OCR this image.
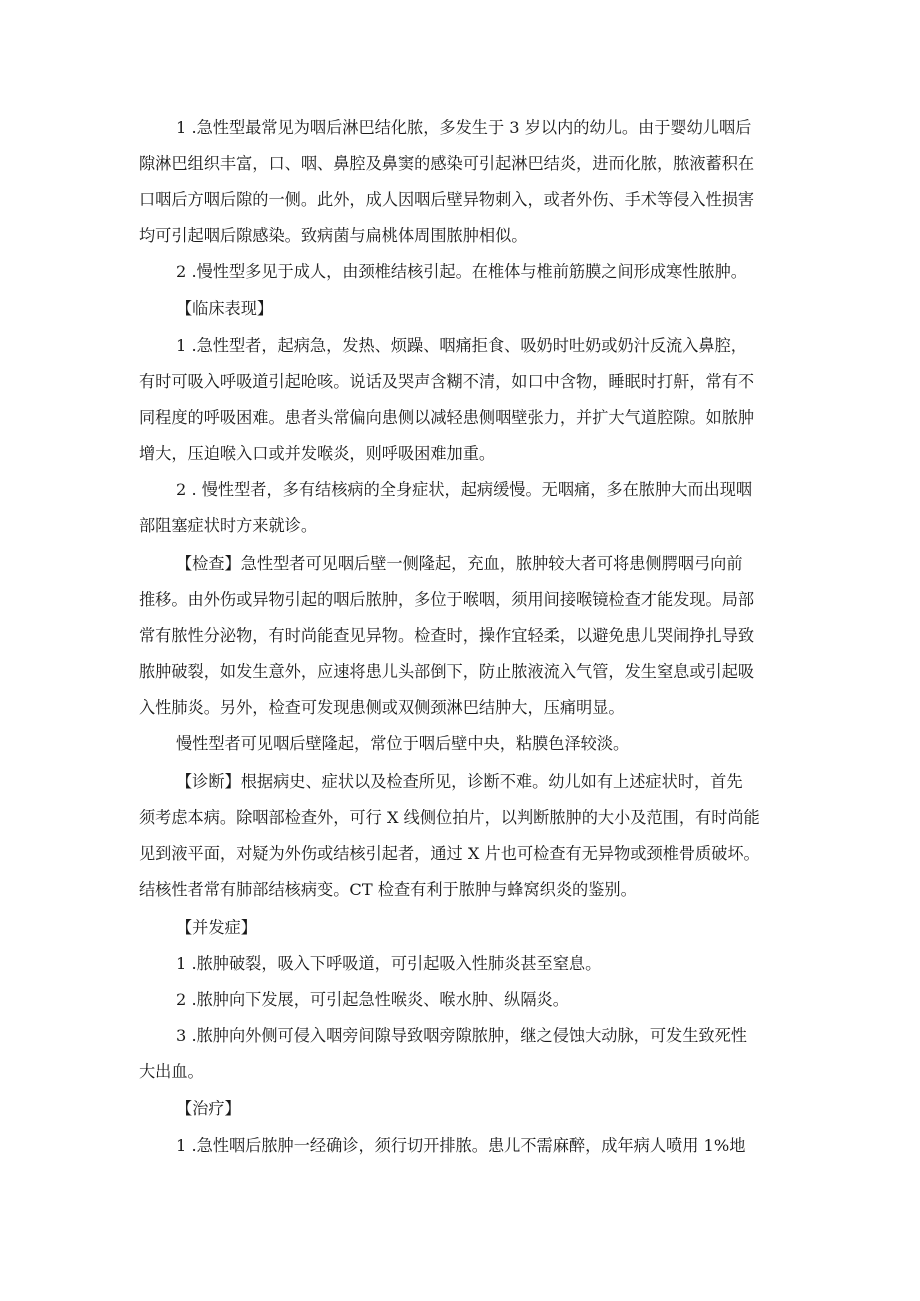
1 .急性型最常见为咽后淋巴结化脓，多发生于 3 岁以内的幼儿。由于婴幼儿咽后
隙淋巴组织丰富，口、咽、鼻腔及鼻窦的感染可引起淋巴结炎，进而化脓，脓液蓄积在
口咽后方咽后隙的一侧。此外，成人因咽后壁异物刺入，或者外伤、手术等侵入性损害
均可引起咽后隙感染。致病菌与扁桃体周围脓肿相似。
2 .慢性型多见于成人，由颈椎结核引起。在椎体与椎前筋膜之间形成寒性脓肿。
【临床表现】
1 .急性型者，起病急，发热、烦躁、咽痛拒食、吸奶时吐奶或奶汁反流入鼻腔，
有时可吸入呼吸道引起呛咳。说话及哭声含糊不清，如口中含物，睡眠时打鼾，常有不
同程度的呼吸困难。患者头常偏向患侧以减轻患侧咽壁张力，并扩大气道腔隙。如脓肿
增大，压迫喉入口或并发喉炎，则呼吸困难加重。
2 . 慢性型者，多有结核病的全身症状，起病缓慢。无咽痛，多在脓肿大而出现咽
部阻塞症状时方来就诊。
【检查】急性型者可见咽后壁一侧隆起，充血，脓肿较大者可将患侧腭咽弓向前
推移。由外伤或异物引起的咽后脓肿，多位于喉咽，须用间接喉镜检查才能发现。局部
常有脓性分泌物，有时尚能查见异物。检查时，操作宜轻柔，以避免患儿哭闹挣扎导致
脓肿破裂，如发生意外，应速将患儿头部倒下，防止脓液流入气管，发生窒息或引起吸
入性肺炎。另外，检查可发现患侧或双侧颈淋巴结肿大，压痛明显。
慢性型者可见咽后壁隆起，常位于咽后壁中央，粘膜色泽较淡。
【诊断】根据病史、症状以及检查所见，诊断不难。幼儿如有上述症状时，首先
须考虑本病。除咽部检查外，可行 X 线侧位拍片，以判断脓肿的大小及范围，有时尚能
见到液平面，对疑为外伤或结核引起者，通过 X 片也可检查有无异物或颈椎骨质破坏。
结核性者常有肺部结核病变。CT 检查有利于脓肿与蜂窝织炎的鉴别。
【并发症】
1 .脓肿破裂，吸入下呼吸道，可引起吸入性肺炎甚至窒息。
2 .脓肿向下发展，可引起急性喉炎、喉水肿、纵隔炎。
3 .脓肿向外侧可侵入咽旁间隙导致咽旁隙脓肿，继之侵蚀大动脉，可发生致死性
大出血。
【治疗】
1 .急性咽后脓肿一经确诊，须行切开排脓。患儿不需麻醉，成年病人喷用 1%地
